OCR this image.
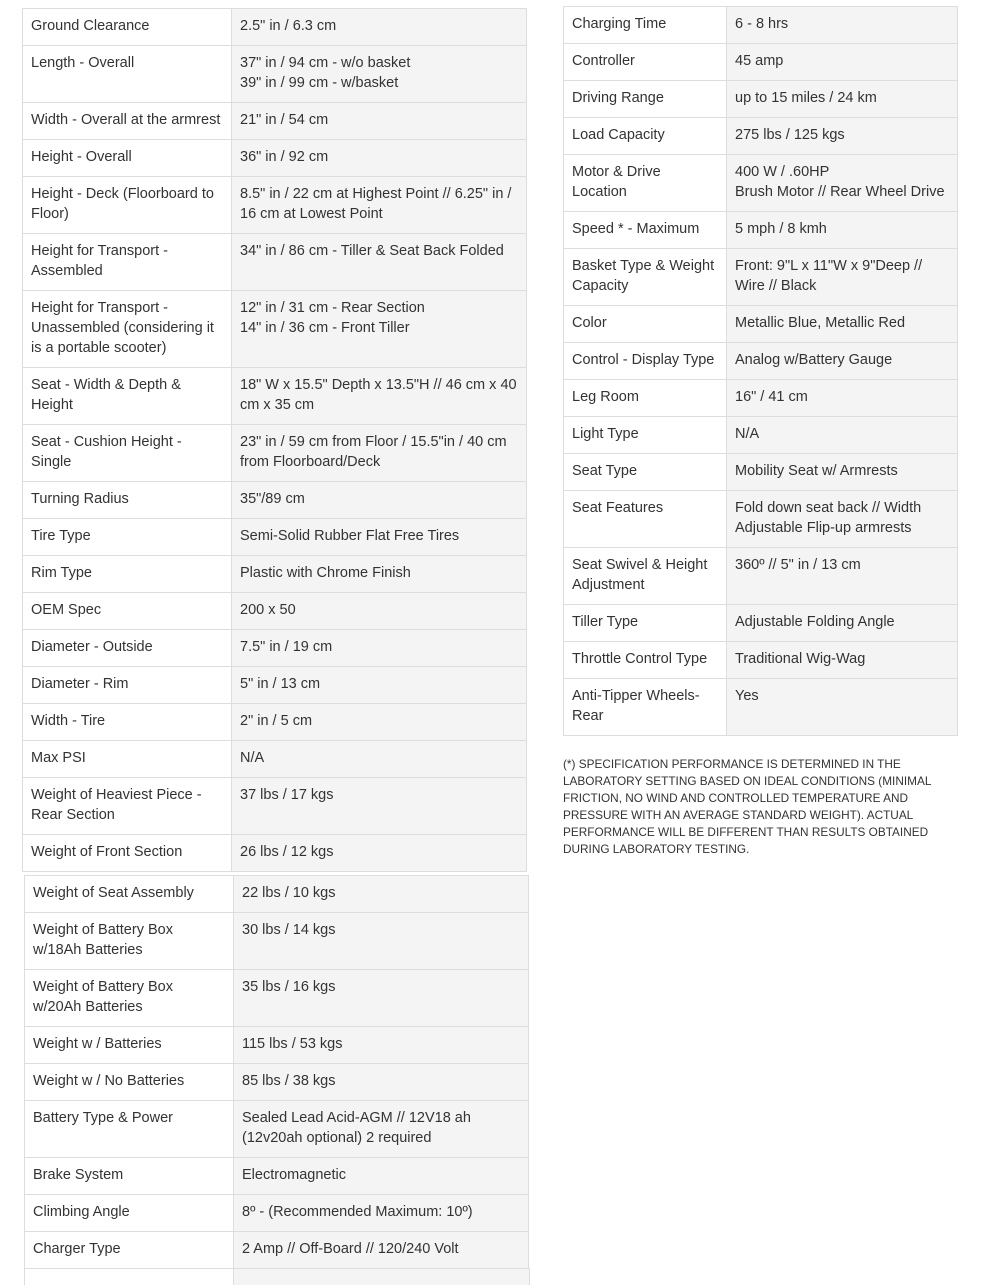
Ground Clearance	2.5" in / 6.3 cm

Length - Overall	37" in / 94 cm - w/o basket
39" in / 99 cm - w/basket

Width - Overall at the armrest	21" in / 54 cm

Height - Overall	36" in / 92 cm

Height - Deck (Floorboard to Floor)	8.5" in / 22 cm at Highest Point // 6.25" in / 16 cm at Lowest Point

Height for Transport - Assembled	34" in / 86 cm - Tiller & Seat Back Folded

Height for Transport - Unassembled (considering it is a portable scooter)	12" in / 31 cm - Rear Section
14" in / 36 cm - Front Tiller

Seat - Width & Depth & Height	18" W x 15.5" Depth x 13.5"H // 46 cm x 40 cm x 35 cm

Seat - Cushion Height - Single	23" in / 59 cm from Floor / 15.5"in / 40 cm from Floorboard/Deck

Turning Radius	35"/89 cm

Tire Type	Semi-Solid Rubber Flat Free Tires

Rim Type	Plastic with Chrome Finish

OEM Spec	200 x 50

Diameter - Outside	7.5" in / 19 cm

Diameter - Rim	5" in / 13 cm

Width - Tire	2" in / 5 cm

Max PSI	N/A

Weight of Heaviest Piece - Rear Section	37 lbs / 17 kgs

Weight of Front Section	26 lbs / 12 kgs
Weight of Seat Assembly	22 lbs / 10 kgs

Weight of Battery Box w/18Ah Batteries	30 lbs / 14 kgs

Weight of Battery Box w/20Ah Batteries	35 lbs / 16 kgs

Weight w / Batteries	115 lbs / 53 kgs

Weight w / No Batteries	85 lbs / 38 kgs

Battery Type & Power	Sealed Lead Acid-AGM // 12V18 ah (12v20ah optional) 2 required

Brake System	Electromagnetic

Climbing Angle	8º - (Recommended Maximum: 10º)

Charger Type	2 Amp // Off-Board // 120/240 Volt
Charging Time	6 - 8 hrs

Controller	45 amp

Driving Range	up to 15 miles / 24 km

Load Capacity	275 lbs / 125 kgs

Motor & Drive Location	400 W / .60HP
Brush Motor // Rear Wheel Drive

Speed * - Maximum	5 mph / 8 kmh

Basket Type & Weight Capacity	Front: 9"L x 11"W x 9"Deep // Wire // Black

Color	Metallic Blue, Metallic Red

Control - Display Type	Analog w/Battery Gauge

Leg Room	16" / 41 cm

Light Type	N/A

Seat Type	Mobility Seat w/ Armrests

Seat Features	Fold down seat back // Width Adjustable Flip-up armrests

Seat Swivel & Height Adjustment	360º // 5" in / 13 cm

Tiller Type	Adjustable Folding Angle

Throttle Control Type	Traditional Wig-Wag

Anti-Tipper Wheels-Rear	Yes
(*) SPECIFICATION PERFORMANCE IS DETERMINED IN THE LABORATORY SETTING BASED ON IDEAL CONDITIONS (MINIMAL FRICTION, NO WIND AND CONTROLLED TEMPERATURE AND PRESSURE WITH AN AVERAGE STANDARD WEIGHT). ACTUAL PERFORMANCE WILL BE DIFFERENT THAN RESULTS OBTAINED DURING LABORATORY TESTING.
